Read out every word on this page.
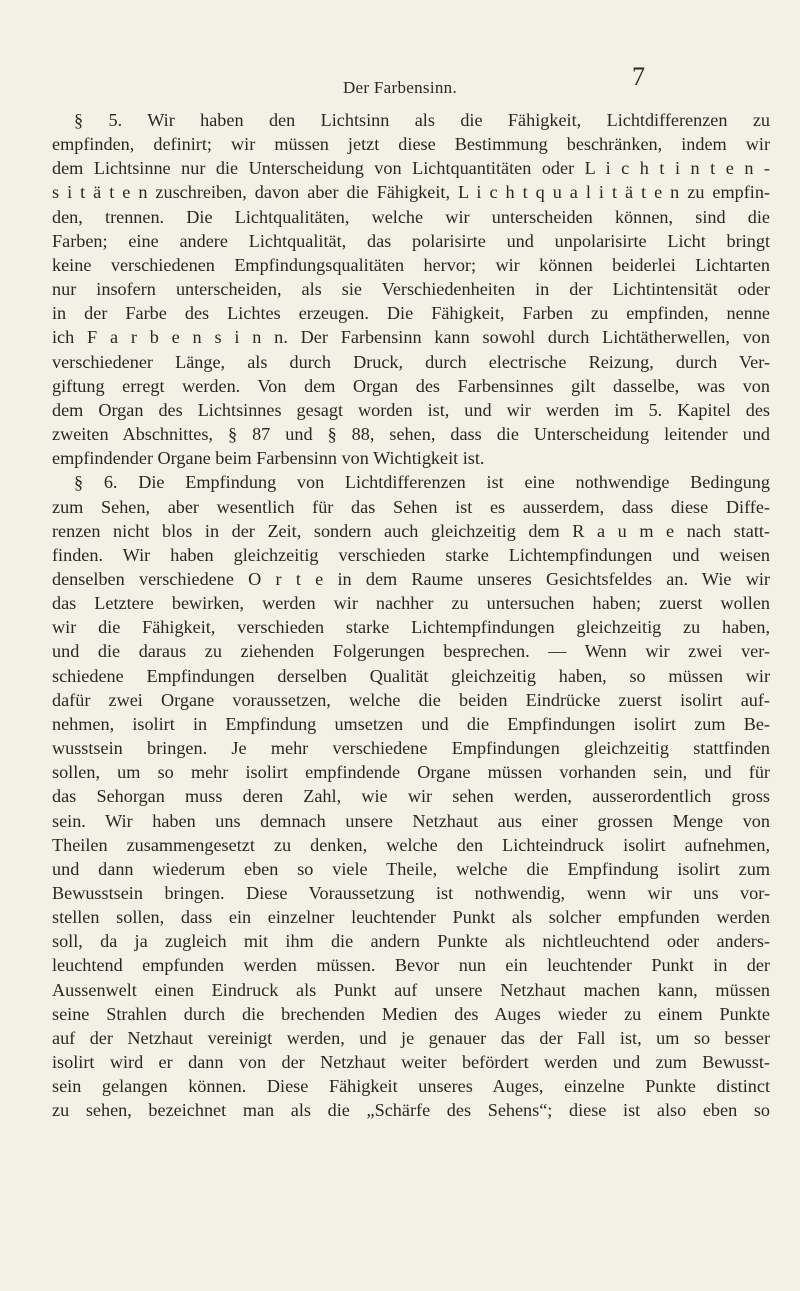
Der Farbensinn.	7
§ 5. Wir haben den Lichtsinn als die Fähigkeit, Lichtdifferenzen zu
empfinden, definirt; wir müssen jetzt diese Bestimmung beschränken, indem wir
dem Lichtsinne nur die Unterscheidung von Lichtquantitäten oder L i c h t i n t e n -
s i t ä t e n zuschreiben, davon aber die Fähigkeit, L i c h t q u a l i t ä t e n zu empfin-
den, trennen. Die Lichtqualitäten, welche wir unterscheiden können, sind die
Farben; eine andere Lichtqualität, das polarisirte und unpolarisirte Licht bringt
keine verschiedenen Empfindungsqualitäten hervor; wir können beiderlei Lichtarten
nur insofern unterscheiden, als sie Verschiedenheiten in der Lichtintensität oder
in der Farbe des Lichtes erzeugen. Die Fähigkeit, Farben zu empfinden, nenne
ich F a r b e n s i n n. Der Farbensinn kann sowohl durch Lichtätherwellen, von
verschiedener Länge, als durch Druck, durch electrische Reizung, durch Ver-
giftung erregt werden. Von dem Organ des Farbensinnes gilt dasselbe, was von
dem Organ des Lichtsinnes gesagt worden ist, und wir werden im 5. Kapitel des
zweiten Abschnittes, § 87 und § 88, sehen, dass die Unterscheidung leitender und
empfindender Organe beim Farbensinn von Wichtigkeit ist.
§ 6. Die Empfindung von Lichtdifferenzen ist eine nothwendige Bedingung
zum Sehen, aber wesentlich für das Sehen ist es ausserdem, dass diese Diffe-
renzen nicht blos in der Zeit, sondern auch gleichzeitig dem R a u m e nach statt-
finden. Wir haben gleichzeitig verschieden starke Lichtempfindungen und weisen
denselben verschiedene O r t e in dem Raume unseres Gesichtsfeldes an. Wie wir
das Letztere bewirken, werden wir nachher zu untersuchen haben; zuerst wollen
wir die Fähigkeit, verschieden starke Lichtempfindungen gleichzeitig zu haben,
und die daraus zu ziehenden Folgerungen besprechen. — Wenn wir zwei ver-
schiedene Empfindungen derselben Qualität gleichzeitig haben, so müssen wir
dafür zwei Organe voraussetzen, welche die beiden Eindrücke zuerst isolirt auf-
nehmen, isolirt in Empfindung umsetzen und die Empfindungen isolirt zum Be-
wusstsein bringen. Je mehr verschiedene Empfindungen gleichzeitig stattfinden
sollen, um so mehr isolirt empfindende Organe müssen vorhanden sein, und für
das Sehorgan muss deren Zahl, wie wir sehen werden, ausserordentlich gross
sein. Wir haben uns demnach unsere Netzhaut aus einer grossen Menge von
Theilen zusammengesetzt zu denken, welche den Lichteindruck isolirt aufnehmen,
und dann wiederum eben so viele Theile, welche die Empfindung isolirt zum
Bewusstsein bringen. Diese Voraussetzung ist nothwendig, wenn wir uns vor-
stellen sollen, dass ein einzelner leuchtender Punkt als solcher empfunden werden
soll, da ja zugleich mit ihm die andern Punkte als nichtleuchtend oder anders-
leuchtend empfunden werden müssen. Bevor nun ein leuchtender Punkt in der
Aussenwelt einen Eindruck als Punkt auf unsere Netzhaut machen kann, müssen
seine Strahlen durch die brechenden Medien des Auges wieder zu einem Punkte
auf der Netzhaut vereinigt werden, und je genauer das der Fall ist, um so besser
isolirt wird er dann von der Netzhaut weiter befördert werden und zum Bewusst-
sein gelangen können. Diese Fähigkeit unseres Auges, einzelne Punkte distinct
zu sehen, bezeichnet man als die „Schärfe des Sehens“; diese ist also eben so
